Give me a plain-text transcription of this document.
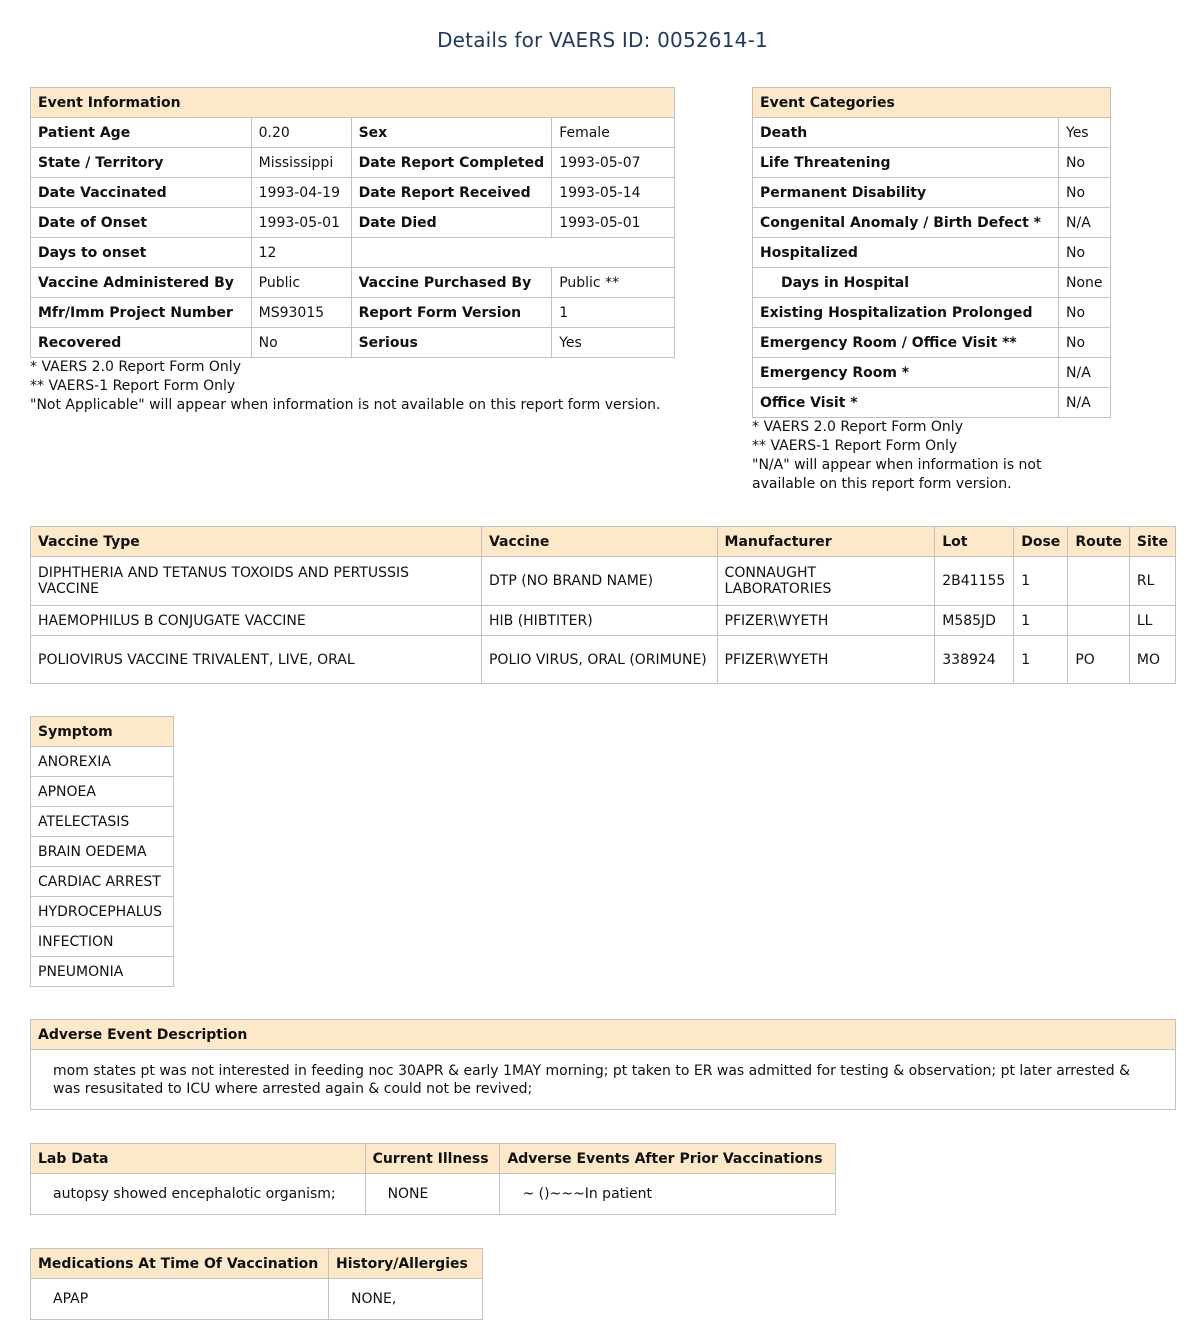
Details for VAERS ID: 0052614-1
Event Information			
Patient Age	0.20	Sex	Female
State / Territory	Mississippi	Date Report Completed	1993-05-07
Date Vaccinated	1993-04-19	Date Report Received	1993-05-14
Date of Onset	1993-05-01	Date Died	1993-05-01
Days to onset	12		
Vaccine Administered By	Public	Vaccine Purchased By	Public **
Mfr/Imm Project Number	MS93015	Report Form Version	1
Recovered	No	Serious	Yes
* VAERS 2.0 Report Form Only
** VAERS-1 Report Form Only
"Not Applicable" will appear when information is not available on this report form version.
Event Categories	
Death	Yes
Life Threatening	No
Permanent Disability	No
Congenital Anomaly / Birth Defect *	N/A
Hospitalized	No
Days in Hospital	None
Existing Hospitalization Prolonged	No
Emergency Room / Office Visit **	No
Emergency Room *	N/A
Office Visit *	N/A
* VAERS 2.0 Report Form Only
** VAERS-1 Report Form Only
"N/A" will appear when information is not
available on this report form version.
Vaccine Type	Vaccine	Manufacturer	Lot	Dose	Route	Site
DIPHTHERIA AND TETANUS TOXOIDS AND PERTUSSIS VACCINE	DTP (NO BRAND NAME)	CONNAUGHT LABORATORIES	2B41155	1		RL
HAEMOPHILUS B CONJUGATE VACCINE	HIB (HIBTITER)	PFIZER\WYETH	M585JD	1		LL
POLIOVIRUS VACCINE TRIVALENT, LIVE, ORAL	POLIO VIRUS, ORAL (ORIMUNE)	PFIZER\WYETH	338924	1	PO	MO
Symptom
ANOREXIA
APNOEA
ATELECTASIS
BRAIN OEDEMA
CARDIAC ARREST
HYDROCEPHALUS
INFECTION
PNEUMONIA
Adverse Event Description
mom states pt was not interested in feeding noc 30APR & early 1MAY morning; pt taken to ER was admitted for testing & observation; pt later arrested & was resusitated to ICU where arrested again & could not be revived;
Lab Data	Current Illness	Adverse Events After Prior Vaccinations
autopsy showed encephalotic organism;	NONE	~ ()~~~In patient
Medications At Time Of Vaccination	History/Allergies
APAP	NONE,
